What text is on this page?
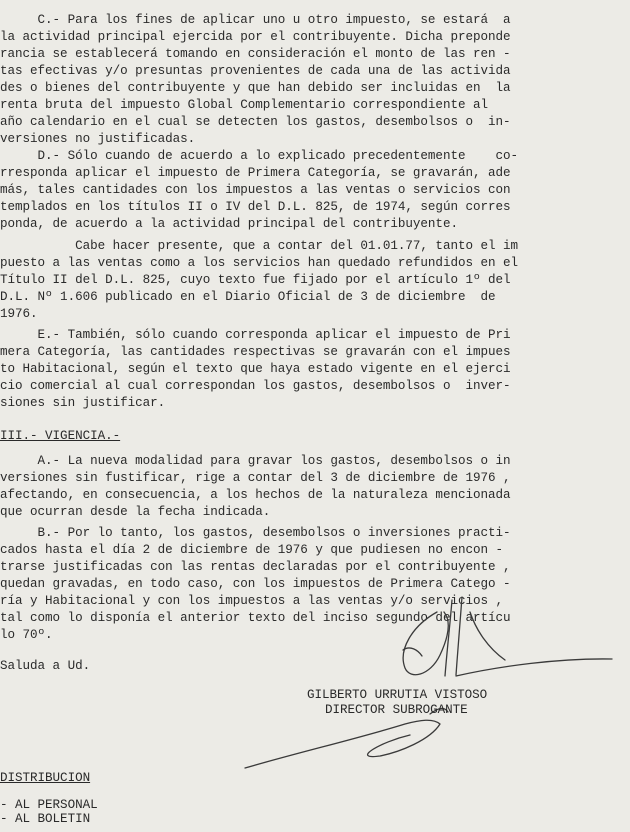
C.- Para los fines de aplicar uno u otro impuesto, se estará  a
la actividad principal ejercida por el contribuyente. Dicha preponde
rancia se establecerá tomando en consideración el monto de las ren -
tas efectivas y/o presuntas provenientes de cada una de las activida
des o bienes del contribuyente y que han debido ser incluidas en  la
renta bruta del impuesto Global Complementario correspondiente al
año calendario en el cual se detecten los gastos, desembolsos o  in-
versiones no justificadas.
D.- Sólo cuando de acuerdo a lo explicado precedentemente    co-
rresponda aplicar el impuesto de Primera Categoría, se gravarán, ade
más, tales cantidades con los impuestos a las ventas o servicios con
templados en los títulos II o IV del D.L. 825, de 1974, según corres
ponda, de acuerdo a la actividad principal del contribuyente.
Cabe hacer presente, que a contar del 01.01.77, tanto el im
puesto a las ventas como a los servicios han quedado refundidos en el
Título II del D.L. 825, cuyo texto fue fijado por el artículo 1º del
D.L. Nº 1.606 publicado en el Diario Oficial de 3 de diciembre  de
1976.
E.- También, sólo cuando corresponda aplicar el impuesto de Pri
mera Categoría, las cantidades respectivas se gravarán con el impues
to Habitacional, según el texto que haya estado vigente en el ejerci
cio comercial al cual correspondan los gastos, desembolsos o  inver-
siones sin justificar.
III.- VIGENCIA.-
A.- La nueva modalidad para gravar los gastos, desembolsos o in
versiones sin fustificar, rige a contar del 3 de diciembre de 1976 ,
afectando, en consecuencia, a los hechos de la naturaleza mencionada
que ocurran desde la fecha indicada.
B.- Por lo tanto, los gastos, desembolsos o inversiones practi-
cados hasta el día 2 de diciembre de 1976 y que pudiesen no encon -
trarse justificadas con las rentas declaradas por el contribuyente ,
quedan gravadas, en todo caso, con los impuestos de Primera Catego -
ría y Habitacional y con los impuestos a las ventas y/o servicios ,
tal como lo disponía el anterior texto del inciso segundo del artícu
lo 70º.
Saluda a Ud.
GILBERTO URRUTIA VISTOSO
DIRECTOR SUBROGANTE
DISTRIBUCION
- AL PERSONAL
- AL BOLETIN
